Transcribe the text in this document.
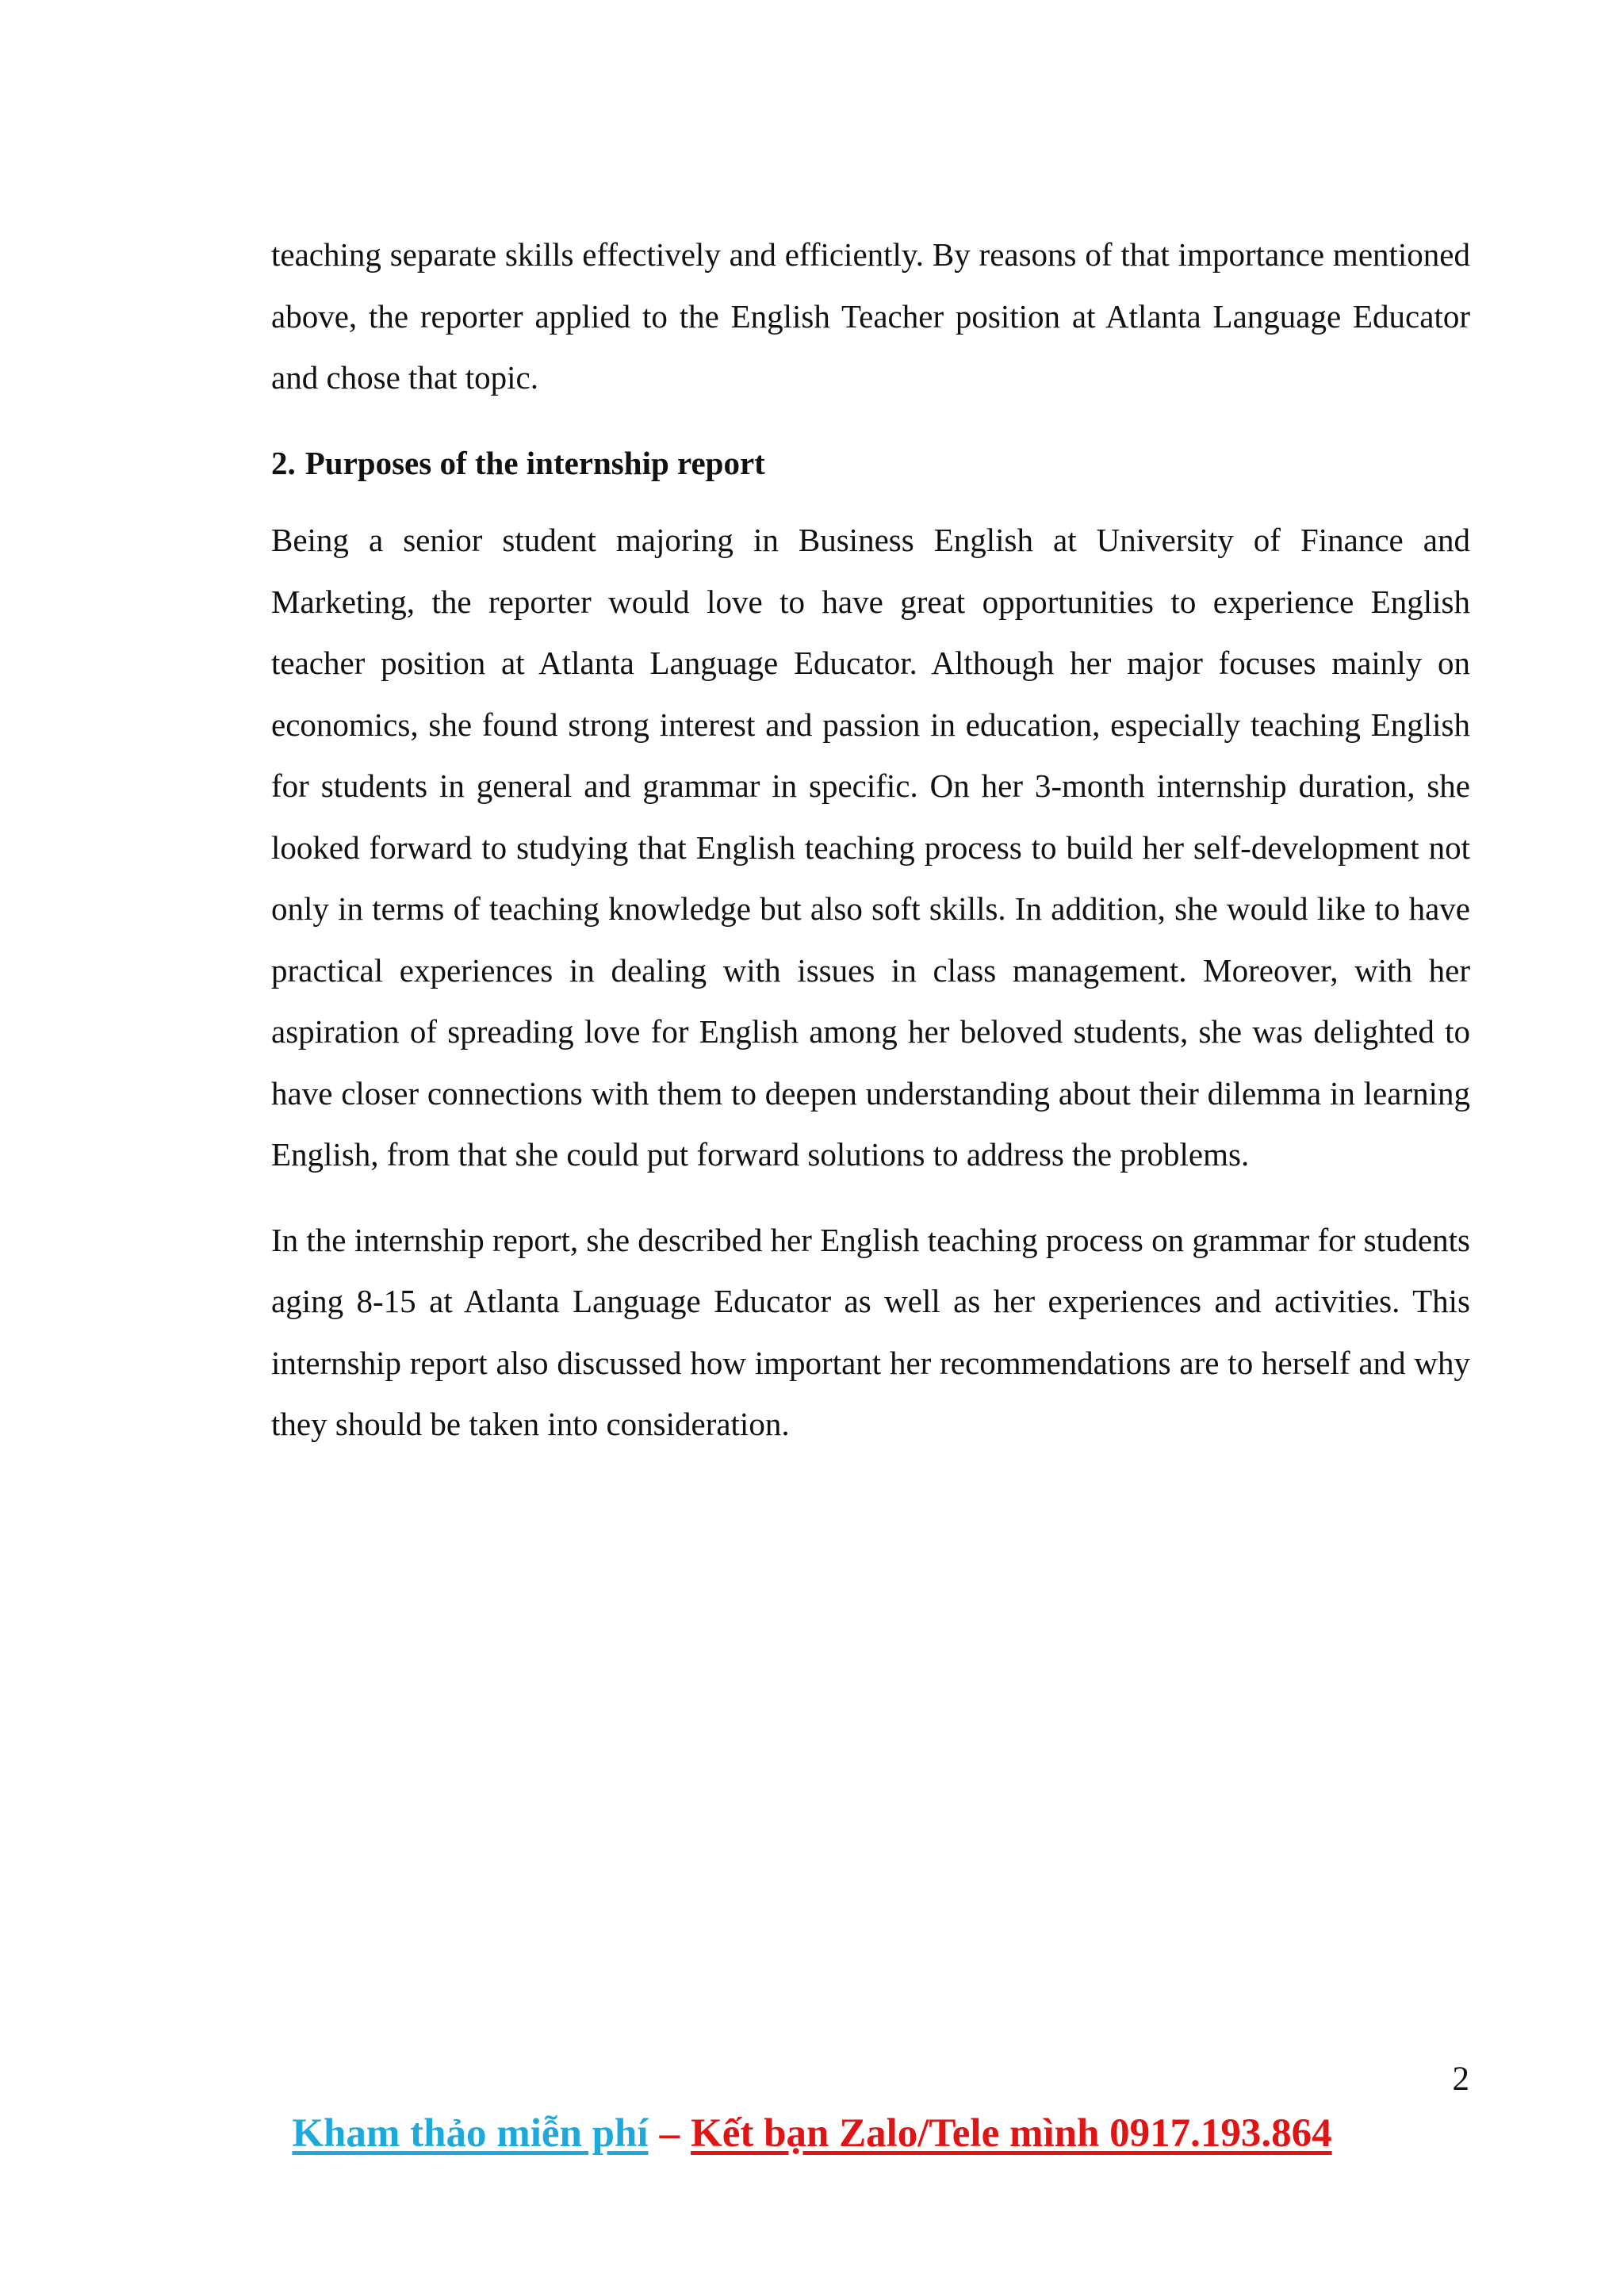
teaching separate skills effectively and efficiently. By reasons of that importance mentioned above, the reporter applied to the English Teacher position at Atlanta Language Educator and chose that topic.

2. Purposes of the internship report

Being a senior student majoring in Business English at University of Finance and Marketing, the reporter would love to have great opportunities to experience English teacher position at Atlanta Language Educator. Although her major focuses mainly on economics, she found strong interest and passion in education, especially teaching English for students in general and grammar in specific. On her 3-month internship duration, she looked forward to studying that English teaching process to build her self-development not only in terms of teaching knowledge but also soft skills. In addition, she would like to have practical experiences in dealing with issues in class management. Moreover, with her aspiration of spreading love for English among her beloved students, she was delighted to have closer connections with them to deepen understanding about their dilemma in learning English, from that she could put forward solutions to address the problems.

In the internship report, she described her English teaching process on grammar for students aging 8-15 at Atlanta Language Educator as well as her experiences and activities. This internship report also discussed how important her recommendations are to herself and why they should be taken into consideration.

2
Kham thảo miễn phí – Kết bạn Zalo/Tele mình 0917.193.864
